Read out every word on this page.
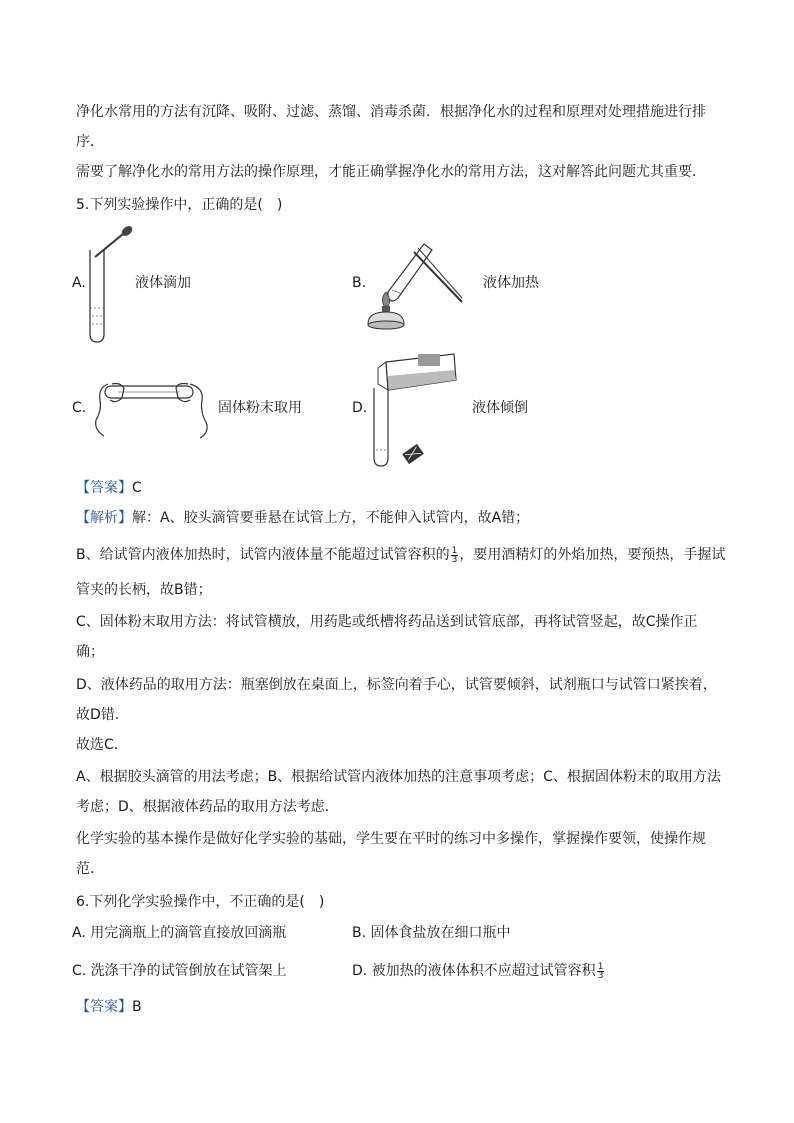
净化水常用的方法有沉降、吸附、过滤、蒸馏、消毒杀菌．根据净化水的过程和原理对处理措施进行排
序．
需要了解净化水的常用方法的操作原理，才能正确掌握净化水的常用方法，这对解答此问题尤其重要．
5.下列实验操作中，正确的是(　)
A.	液体滴加	B.	液体加热
C.	固体粉末取用	D.	液体倾倒
【答案】C
【解析】解：A、胶头滴管要垂悬在试管上方，不能伸入试管内，故A错；
B、给试管内液体加热时，试管内液体量不能超过试管容积的 $\frac{1}{3}$ ，要用酒精灯的外焰加热，要预热，手握试
管夹的长柄，故B错；
C、固体粉末取用方法：将试管横放，用药匙或纸槽将药品送到试管底部，再将试管竖起，故C操作正
确；
D、液体药品的取用方法：瓶塞倒放在桌面上，标签向着手心，试管要倾斜，试剂瓶口与试管口紧挨着，
故D错．
故选C．
A、根据胶头滴管的用法考虑；B、根据给试管内液体加热的注意事项考虑；C、根据固体粉末的取用方法
考虑；D、根据液体药品的取用方法考虑．
化学实验的基本操作是做好化学实验的基础，学生要在平时的练习中多操作，掌握操作要领，使操作规
范．
6.下列化学实验操作中，不正确的是(　)
A. 用完滴瓶上的滴管直接放回滴瓶	B. 固体食盐放在细口瓶中
C. 洗涤干净的试管倒放在试管架上	D. 被加热的液体体积不应超过试管容积 $\frac{1}{3}$
【答案】B
